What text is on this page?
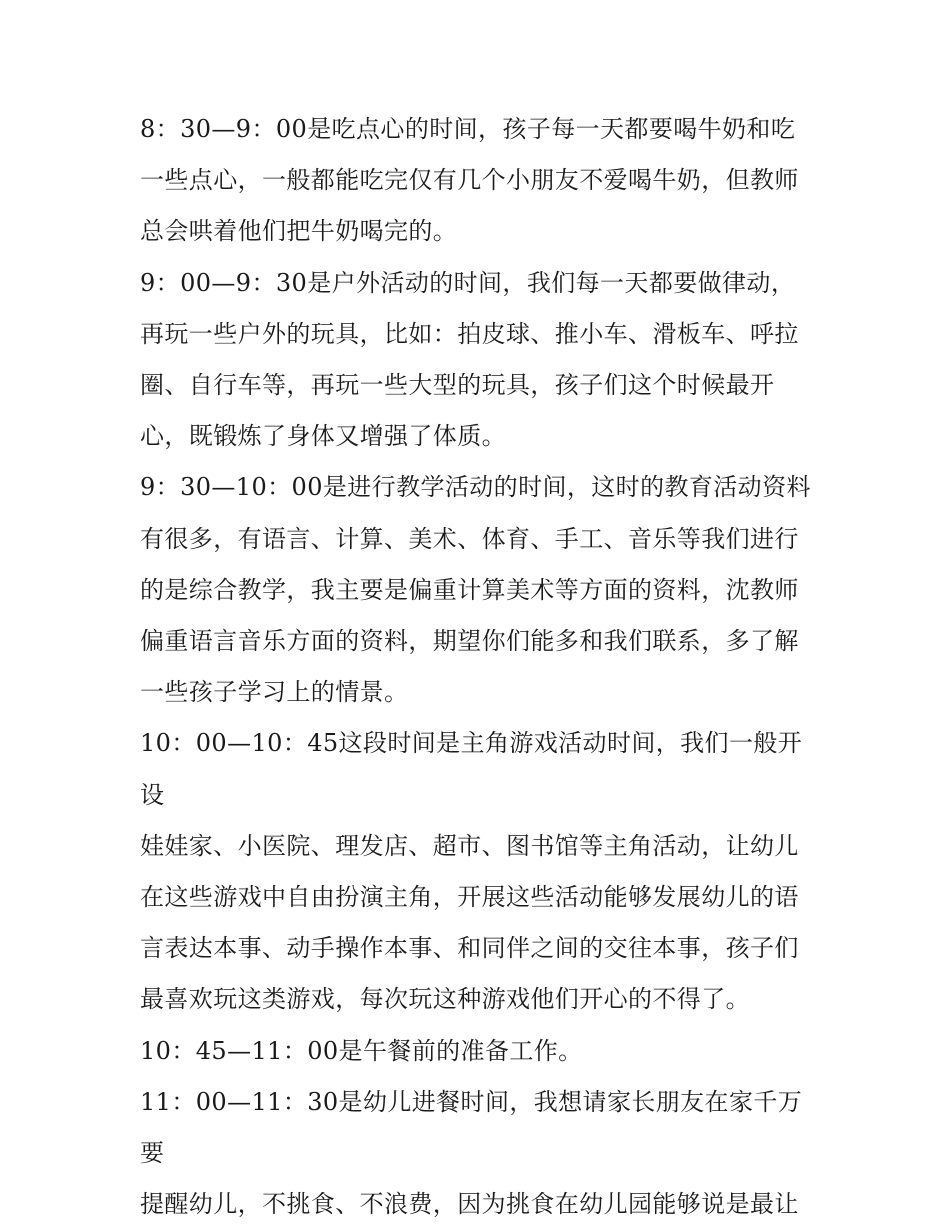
8：30—9：00是吃点心的时间，孩子每一天都要喝牛奶和吃
一些点心，一般都能吃完仅有几个小朋友不爱喝牛奶，但教师
总会哄着他们把牛奶喝完的。

9：00—9：30是户外活动的时间，我们每一天都要做律动，
再玩一些户外的玩具，比如：拍皮球、推小车、滑板车、呼拉
圈、自行车等，再玩一些大型的玩具，孩子们这个时候最开
心，既锻炼了身体又增强了体质。

9：30—10：00是进行教学活动的时间，这时的教育活动资料
有很多，有语言、计算、美术、体育、手工、音乐等我们进行
的是综合教学，我主要是偏重计算美术等方面的资料，沈教师
偏重语言音乐方面的资料，期望你们能多和我们联系，多了解
一些孩子学习上的情景。

10：00—10：45这段时间是主角游戏活动时间，我们一般开设
娃娃家、小医院、理发店、超市、图书馆等主角活动，让幼儿
在这些游戏中自由扮演主角，开展这些活动能够发展幼儿的语
言表达本事、动手操作本事、和同伴之间的交往本事，孩子们
最喜欢玩这类游戏，每次玩这种游戏他们开心的不得了。

10：45—11：00是午餐前的准备工作。

11：00—11：30是幼儿进餐时间，我想请家长朋友在家千万要
提醒幼儿，不挑食、不浪费，因为挑食在幼儿园能够说是最让
